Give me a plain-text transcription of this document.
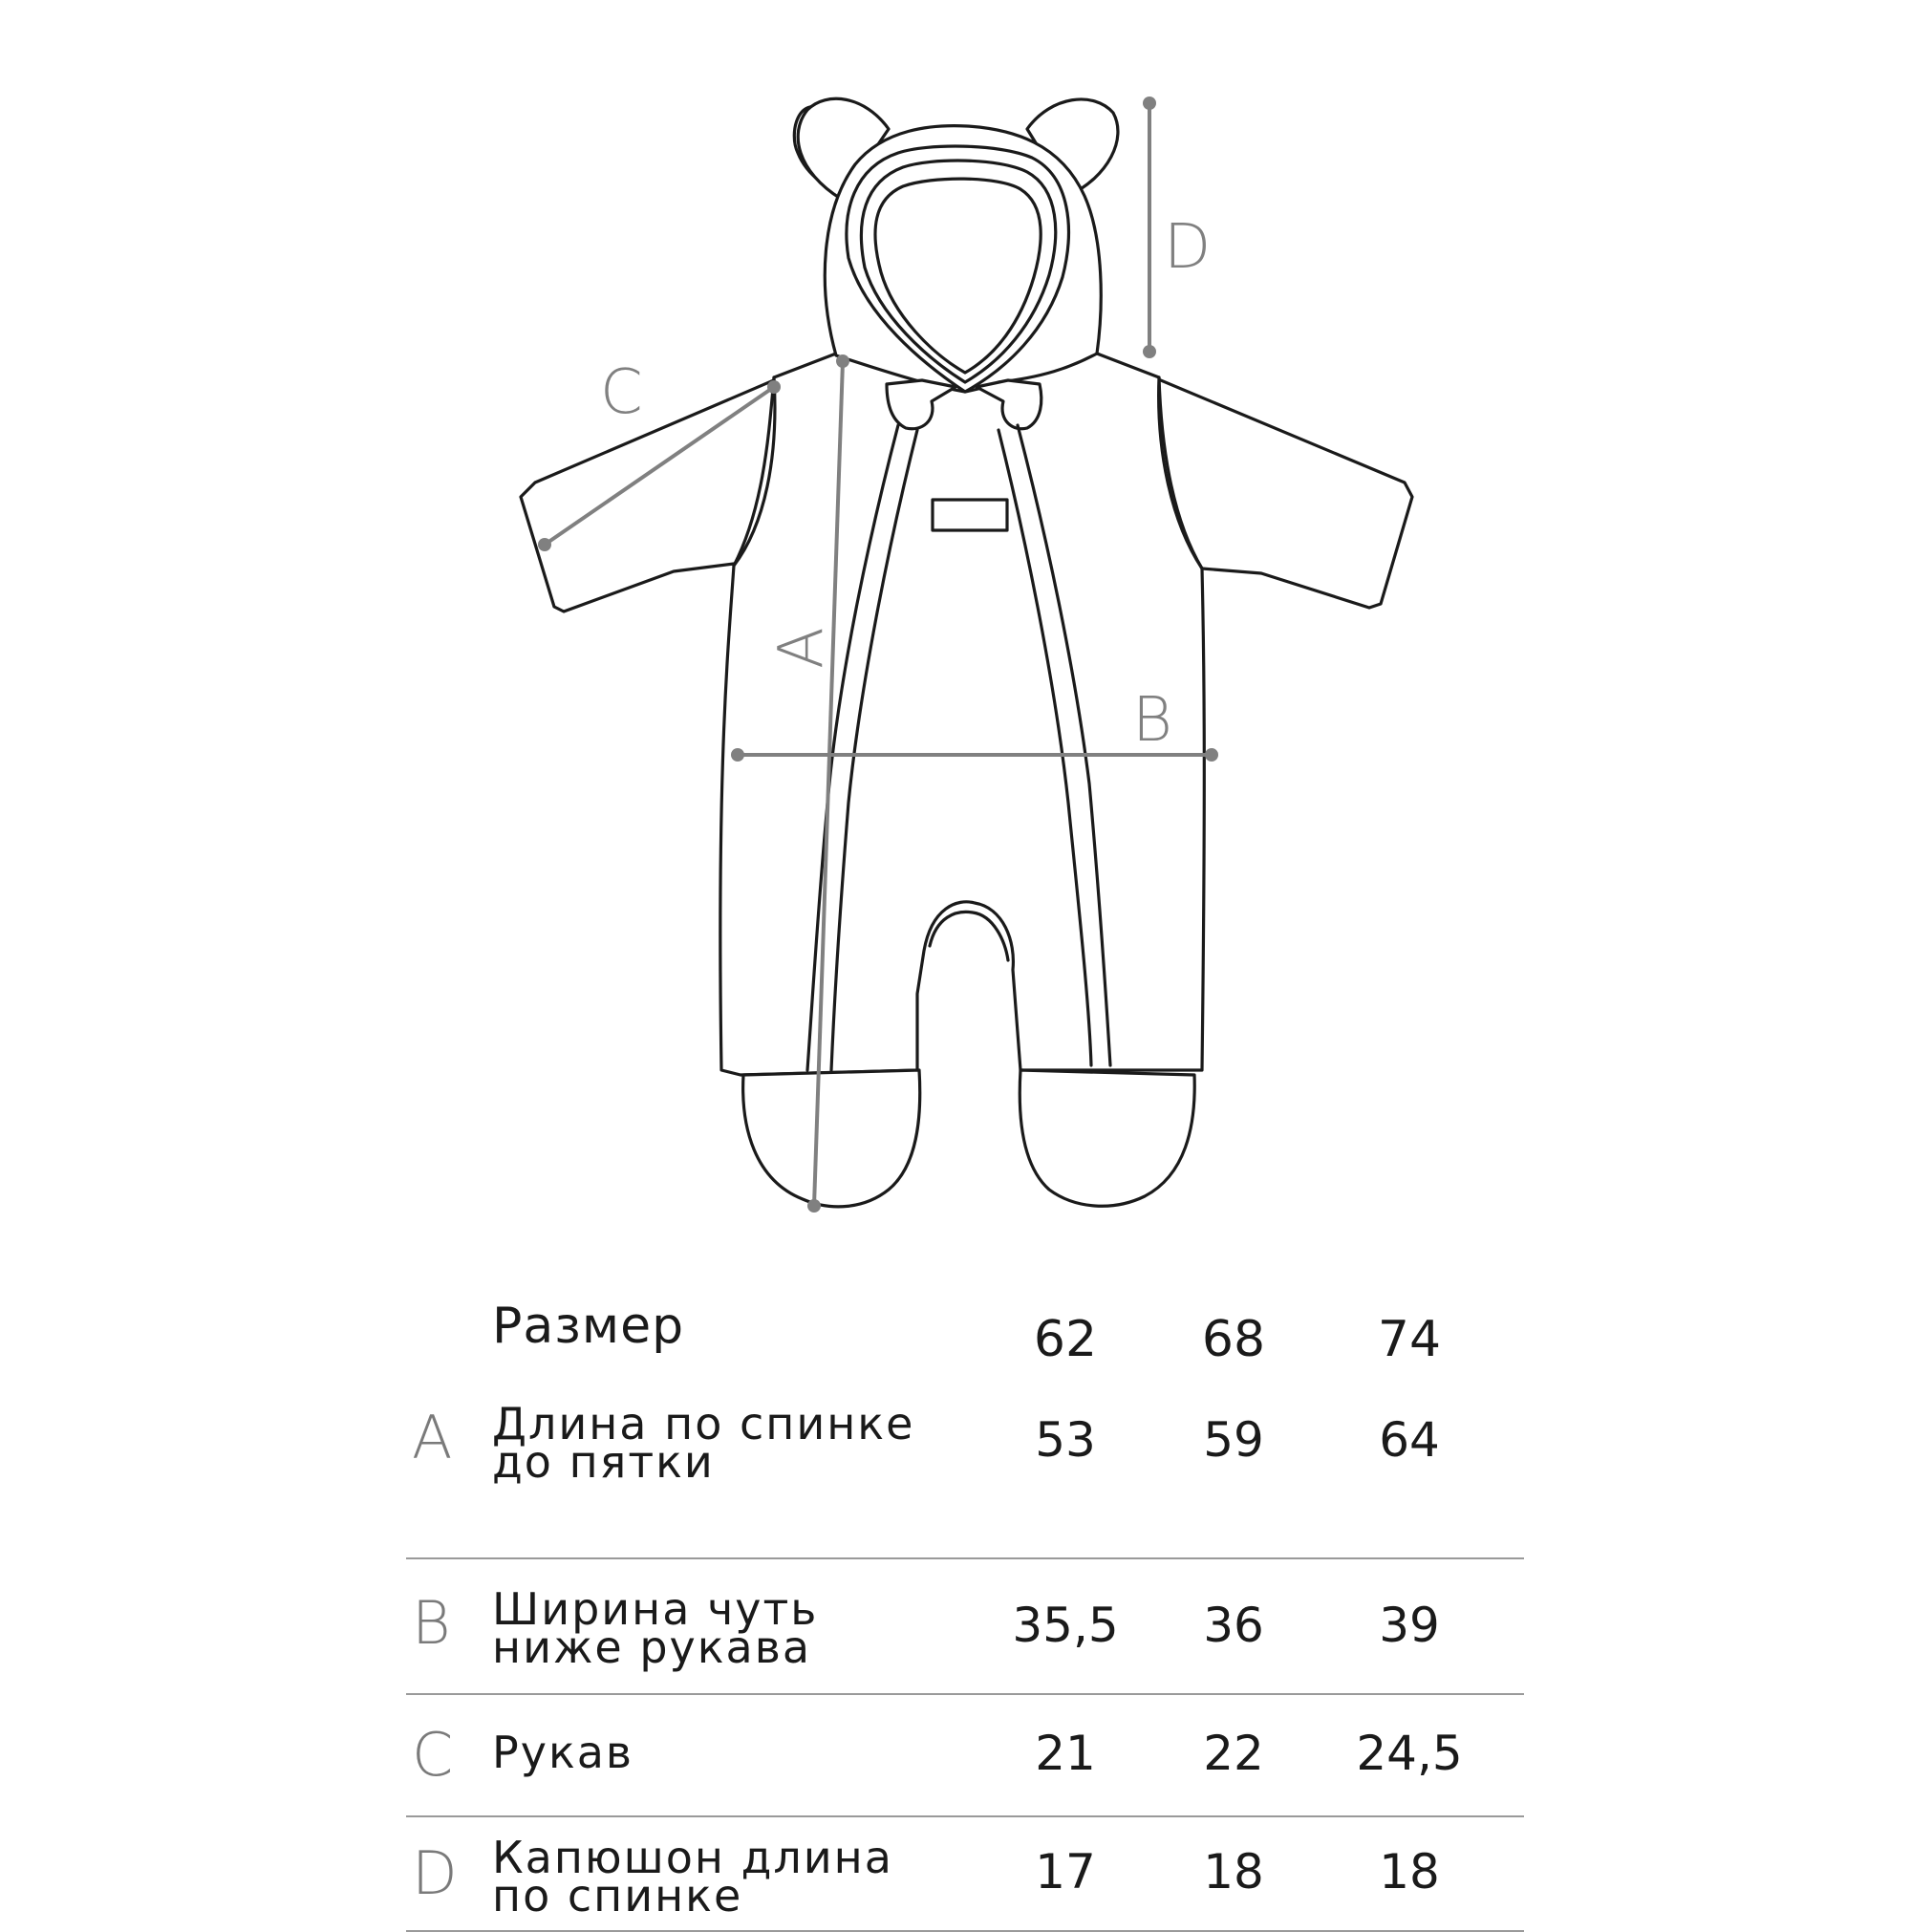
D
C
A
B
Размер	62	68	74
A Длина по спинке
до пятки	53	59	64
B Ширина чуть
ниже рукава	35,5	36	39
C Рукав	21	22	24,5
D Капюшон длина
по спинке	17	18	18
